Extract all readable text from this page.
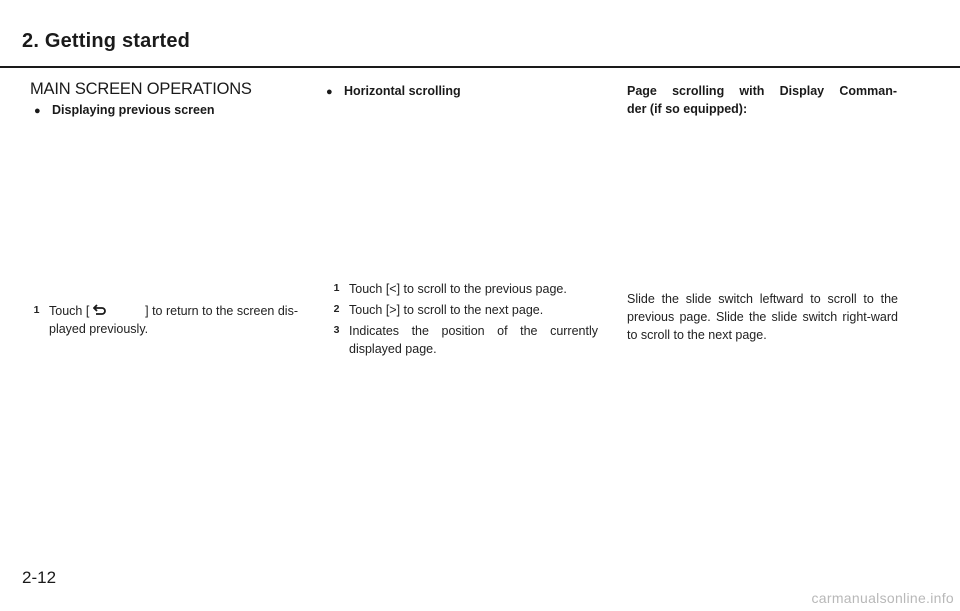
2. Getting started
MAIN SCREEN OPERATIONS
● Displaying previous screen
1 Touch [	] to return to the screen dis-
played previously.
● Horizontal scrolling
1 Touch [<] to scroll to the previous page.
2 Touch [>] to scroll to the next page.
3 Indicates the position of the currently
displayed page.
Page scrolling with Display Comman-
der (if so equipped):
Slide the slide switch leftward to scroll to the previous page. Slide the slide switch right-ward to scroll to the next page.
2-12
carmanualsonline.info
